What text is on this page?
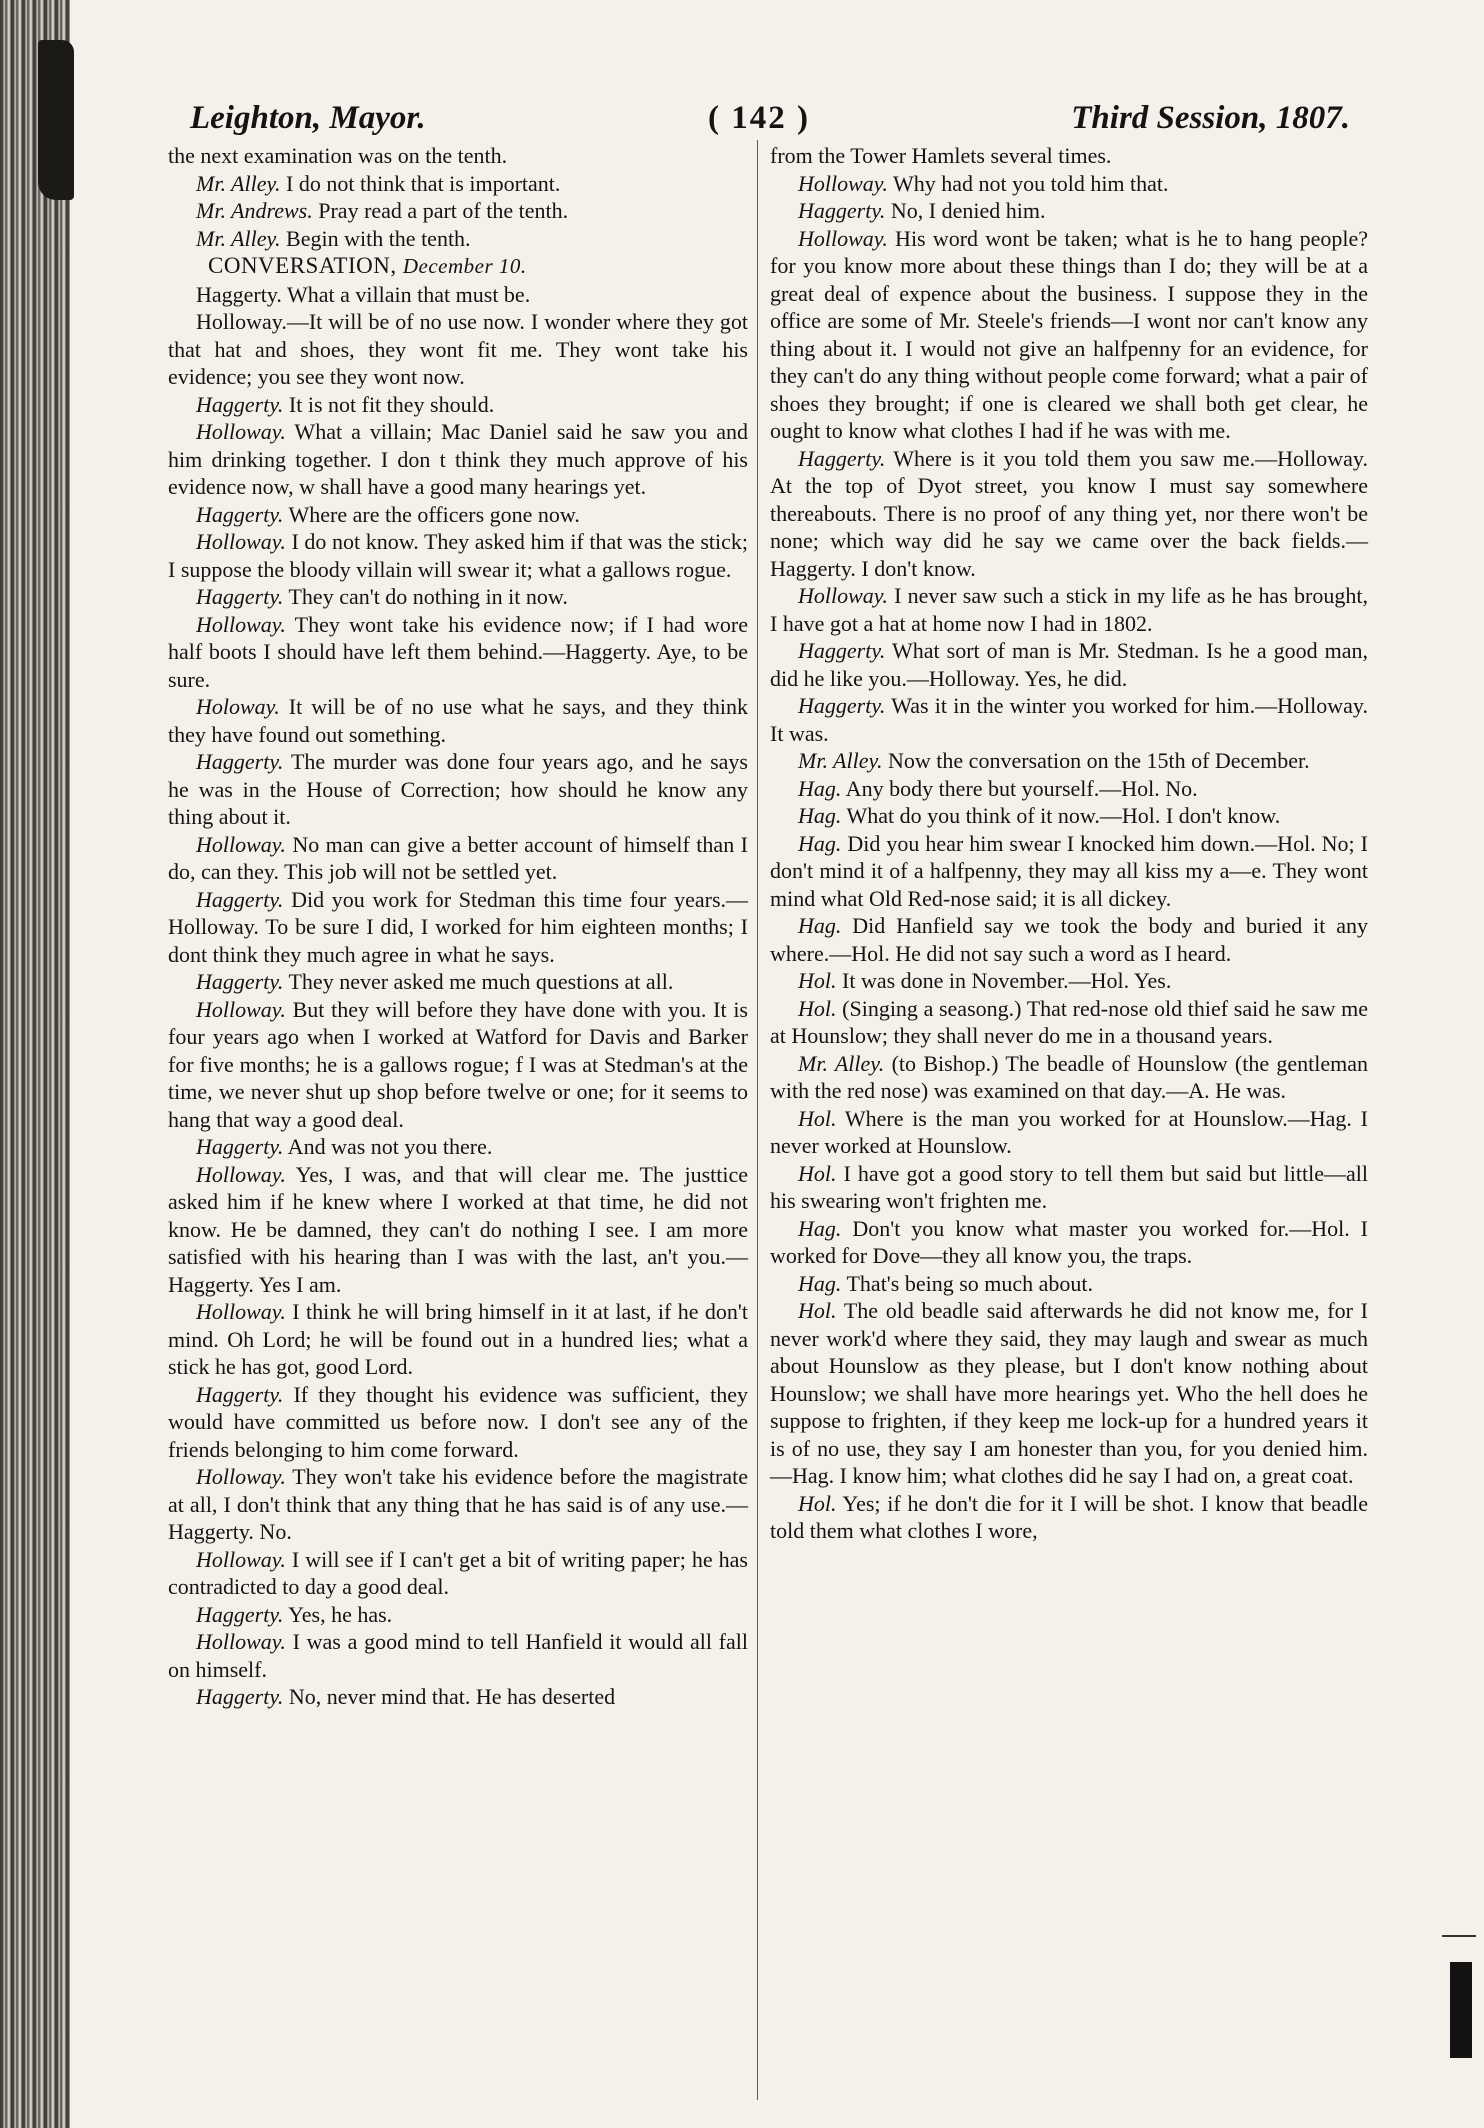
Leighton, Mayor.	( 142 )	Third Session, 1807.

the next examination was on the tenth.

Mr. Alley. I do not think that is important.

Mr. Andrews. Pray read a part of the tenth.

Mr. Alley. Begin with the tenth.

CONVERSATION, December 10.

Haggerty. What a villain that must be.

Holloway.—It will be of no use now. I wonder where they got that hat and shoes, they wont fit me. They wont take his evidence; you see they wont now.

Haggerty. It is not fit they should.

Holloway. What a villain; Mac Daniel said he saw you and him drinking together. I don t think they much approve of his evidence now, w shall have a good many hearings yet.

Haggerty. Where are the officers gone now.

Holloway. I do not know. They asked him if that was the stick; I suppose the bloody villain will swear it; what a gallows rogue.

Haggerty. They can't do nothing in it now.

Holloway. They wont take his evidence now; if I had wore half boots I should have left them behind.—Haggerty. Aye, to be sure.

Holoway. It will be of no use what he says, and they think they have found out something.

Haggerty. The murder was done four years ago, and he says he was in the House of Correction; how should he know any thing about it.

Holloway. No man can give a better account of himself than I do, can they. This job will not be settled yet.

Haggerty. Did you work for Stedman this time four years.—Holloway. To be sure I did, I worked for him eighteen months; I dont think they much agree in what he says.

Haggerty. They never asked me much questions at all.

Holloway. But they will before they have done with you. It is four years ago when I worked at Watford for Davis and Barker for five months; he is a gallows rogue; f I was at Stedman's at the time, we never shut up shop before twelve or one; for it seems to hang that way a good deal.

Haggerty. And was not you there.

Holloway. Yes, I was, and that will clear me. The justtice asked him if he knew where I worked at that time, he did not know. He be damned, they can't do nothing I see. I am more satisfied with his hearing than I was with the last, an't you.—Haggerty. Yes I am.

Holloway. I think he will bring himself in it at last, if he don't mind. Oh Lord; he will be found out in a hundred lies; what a stick he has got, good Lord.

Haggerty. If they thought his evidence was sufficient, they would have committed us before now. I don't see any of the friends belonging to him come forward.

Holloway. They won't take his evidence before the magistrate at all, I don't think that any thing that he has said is of any use.—Haggerty. No.

Holloway. I will see if I can't get a bit of writing paper; he has contradicted to day a good deal.

Haggerty. Yes, he has.

Holloway. I was a good mind to tell Hanfield it would all fall on himself.

Haggerty. No, never mind that. He has deserted

from the Tower Hamlets several times.

Holloway. Why had not you told him that.

Haggerty. No, I denied him.

Holloway. His word wont be taken; what is he to hang people? for you know more about these things than I do; they will be at a great deal of expence about the business. I suppose they in the office are some of Mr. Steele's friends—I wont nor can't know any thing about it. I would not give an halfpenny for an evidence, for they can't do any thing without people come forward; what a pair of shoes they brought; if one is cleared we shall both get clear, he ought to know what clothes I had if he was with me.

Haggerty. Where is it you told them you saw me.—Holloway. At the top of Dyot street, you know I must say somewhere thereabouts. There is no proof of any thing yet, nor there won't be none; which way did he say we came over the back fields.—Haggerty. I don't know.

Holloway. I never saw such a stick in my life as he has brought, I have got a hat at home now I had in 1802.

Haggerty. What sort of man is Mr. Stedman. Is he a good man, did he like you.—Holloway. Yes, he did.

Haggerty. Was it in the winter you worked for him.—Holloway. It was.

Mr. Alley. Now the conversation on the 15th of December.

Hag. Any body there but yourself.—Hol. No.

Hag. What do you think of it now.—Hol. I don't know.

Hag. Did you hear him swear I knocked him down.—Hol. No; I don't mind it of a halfpenny, they may all kiss my a—e. They wont mind what Old Red-nose said; it is all dickey.

Hag. Did Hanfield say we took the body and buried it any where.—Hol. He did not say such a word as I heard.

Hol. It was done in November.—Hol. Yes.

Hol. (Singing a seasong.) That red-nose old thief said he saw me at Hounslow; they shall never do me in a thousand years.

Mr. Alley. (to Bishop.) The beadle of Hounslow (the gentleman with the red nose) was examined on that day.—A. He was.

Hol. Where is the man you worked for at Hounslow.—Hag. I never worked at Hounslow.

Hol. I have got a good story to tell them but said but little—all his swearing won't frighten me.

Hag. Don't you know what master you worked for.—Hol. I worked for Dove—they all know you, the traps.

Hag. That's being so much about.

Hol. The old beadle said afterwards he did not know me, for I never work'd where they said, they may laugh and swear as much about Hounslow as they please, but I don't know nothing about Hounslow; we shall have more hearings yet. Who the hell does he suppose to frighten, if they keep me lock-up for a hundred years it is of no use, they say I am honester than you, for you denied him.—Hag. I know him; what clothes did he say I had on, a great coat.

Hol. Yes; if he don't die for it I will be shot. I know that beadle told them what clothes I wore,
